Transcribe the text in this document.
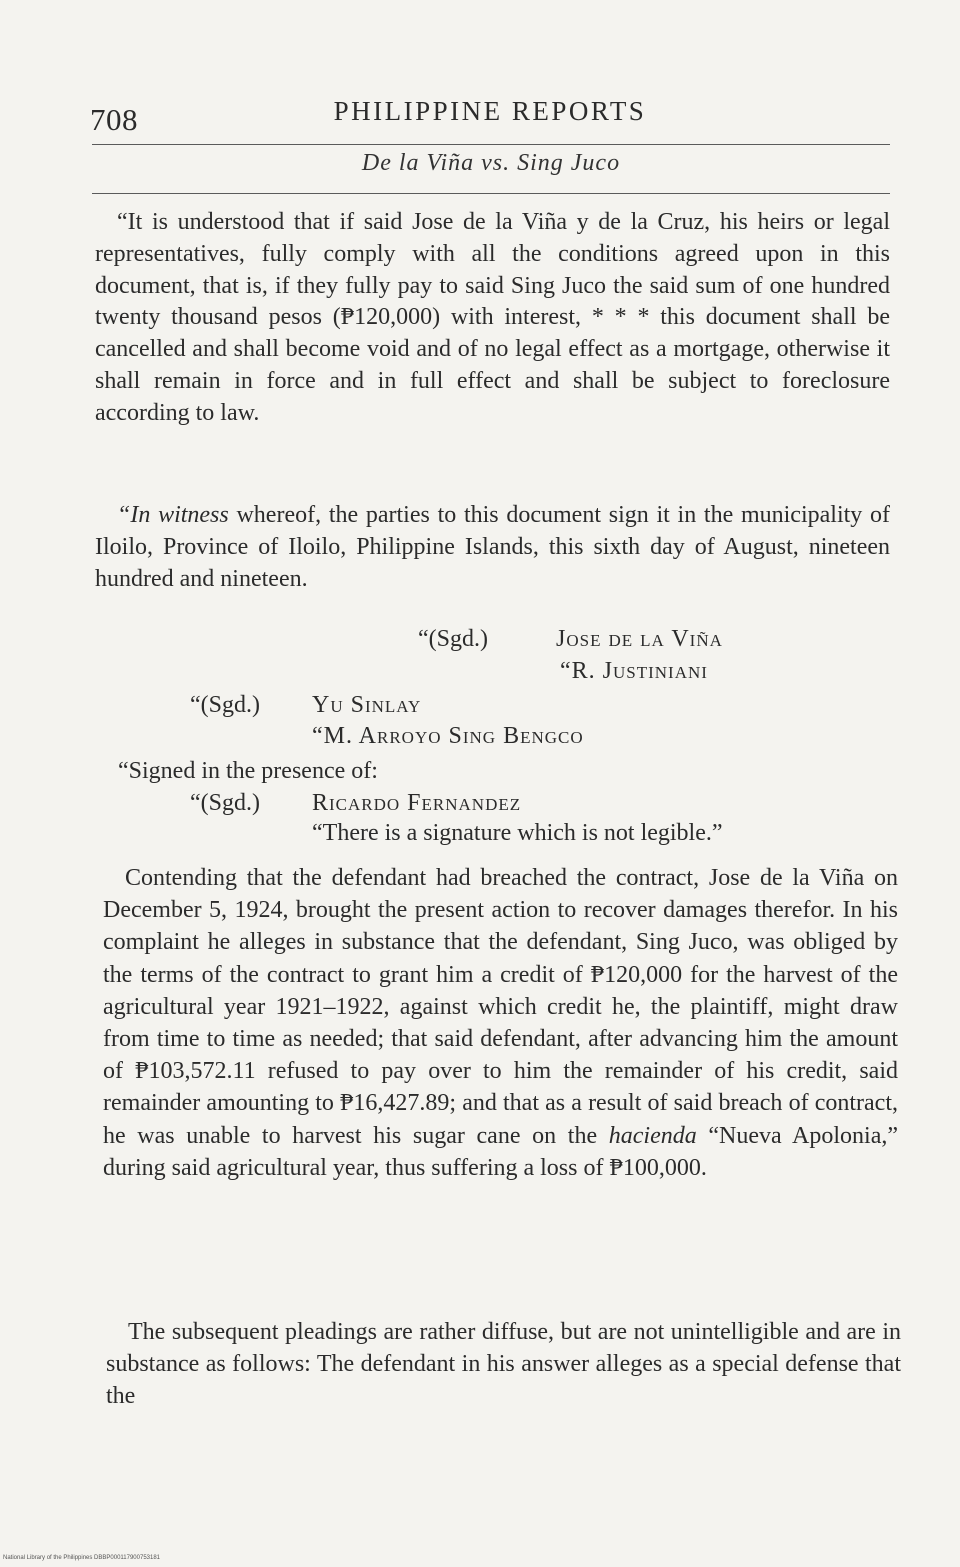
708	PHILIPPINE REPORTS
De la Viña vs. Sing Juco

“It is understood that if said Jose de la Viña y de la Cruz, his heirs or legal representatives, fully comply with all the conditions agreed upon in this document, that is, if they fully pay to said Sing Juco the said sum of one hundred twenty thousand pesos (₱120,000) with interest, * * * this document shall be cancelled and shall become void and of no legal effect as a mortgage, otherwise it shall remain in force and in full effect and shall be subject to foreclosure according to law.

“In witness whereof, the parties to this document sign it in the municipality of Iloilo, Province of Iloilo, Philippine Islands, this sixth day of August, nineteen hundred and nineteen.

“(Sgd.)	Jose de la Viña
“R. Justiniani
“(Sgd.) Yu Sinlay
“M. Arroyo Sing Bengco
“Signed in the presence of:
“(Sgd.) Ricardo Fernandez
“There is a signature which is not legible.”

Contending that the defendant had breached the contract, Jose de la Viña on December 5, 1924, brought the present action to recover damages therefor. In his complaint he alleges in substance that the defendant, Sing Juco, was obliged by the terms of the contract to grant him a credit of ₱120,000 for the harvest of the agricultural year 1921–1922, against which credit he, the plaintiff, might draw from time to time as needed; that said defendant, after advancing him the amount of ₱103,572.11 refused to pay over to him the remainder of his credit, said remainder amounting to ₱16,427.89; and that as a result of said breach of contract, he was unable to harvest his sugar cane on the hacienda “Nueva Apolonia,” during said agricultural year, thus suffering a loss of ₱100,000.

The subsequent pleadings are rather diffuse, but are not unintelligible and are in substance as follows: The defendant in his answer alleges as a special defense that the

National Library of the Philippines DBBP000117900753181
